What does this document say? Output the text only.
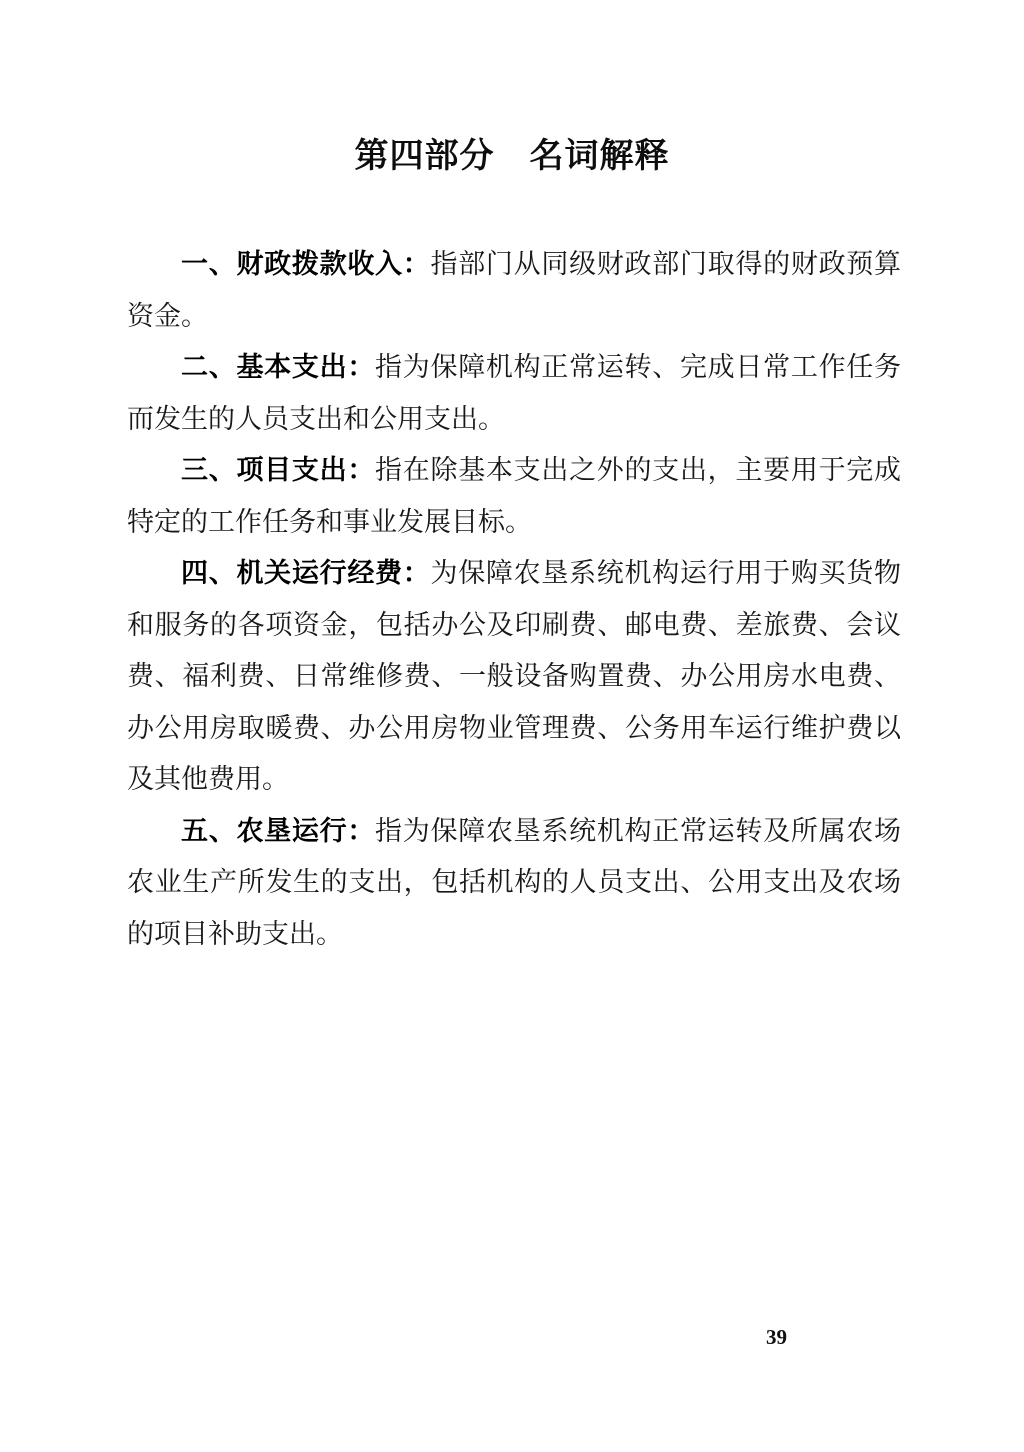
第四部分　名词解释

一、财政拨款收入：指部门从同级财政部门取得的财政预算资金。

二、基本支出：指为保障机构正常运转、完成日常工作任务而发生的人员支出和公用支出。

三、项目支出：指在除基本支出之外的支出，主要用于完成特定的工作任务和事业发展目标。

四、机关运行经费：为保障农垦系统机构运行用于购买货物和服务的各项资金，包括办公及印刷费、邮电费、差旅费、会议费、福利费、日常维修费、一般设备购置费、办公用房水电费、办公用房取暖费、办公用房物业管理费、公务用车运行维护费以及其他费用。

五、农垦运行：指为保障农垦系统机构正常运转及所属农场农业生产所发生的支出，包括机构的人员支出、公用支出及农场的项目补助支出。

39
